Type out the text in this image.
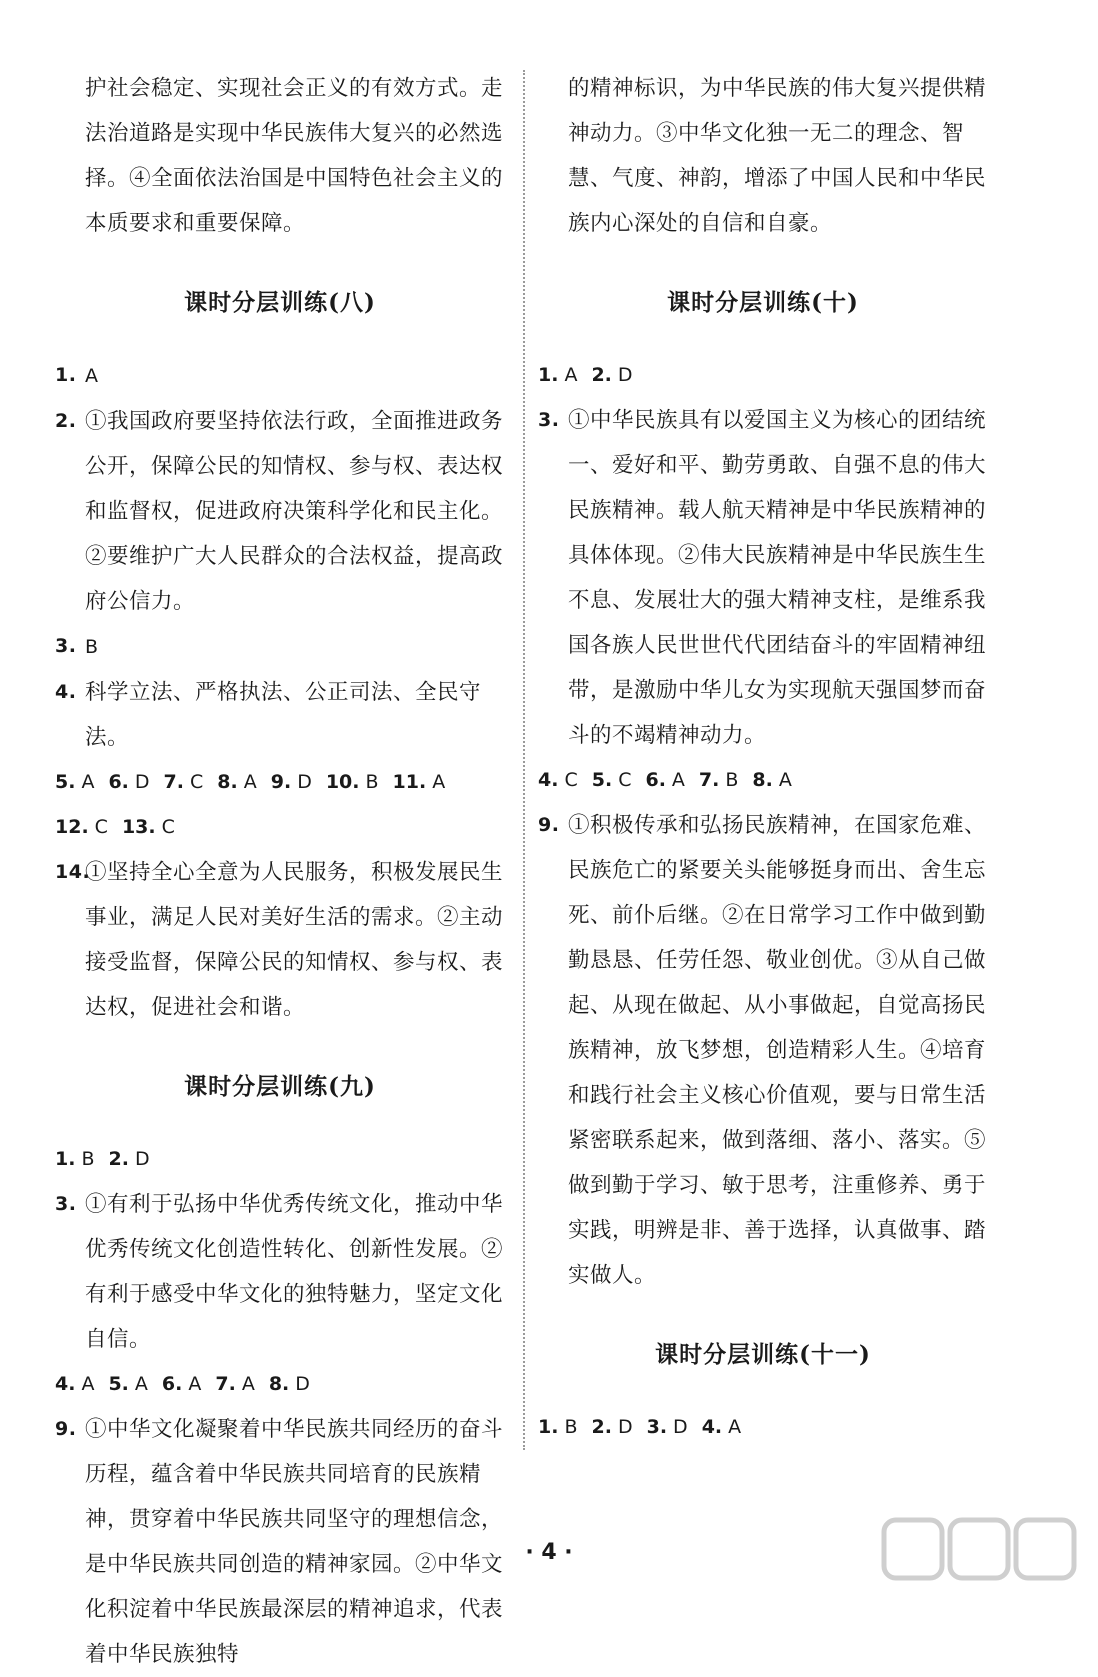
护社会稳定、实现社会正义的有效方式。走法治道路是实现中华民族伟大复兴的必然选择。④全面依法治国是中国特色社会主义的本质要求和重要保障。
课时分层训练(八)
1. A
2. ①我国政府要坚持依法行政，全面推进政务公开，保障公民的知情权、参与权、表达权和监督权，促进政府决策科学化和民主化。②要维护广大人民群众的合法权益，提高政府公信力。
3. B
4. 科学立法、严格执法、公正司法、全民守法。
5. A 6. D 7. C 8. A 9. D 10. B 11. A
12. C 13. C
14.
①坚持全心全意为人民服务，积极发展民生事业，满足人民对美好生活的需求。②主动接受监督，保障公民的知情权、参与权、表达权，促进社会和谐。
课时分层训练(九)
1. B 2. D
3. ①有利于弘扬中华优秀传统文化，推动中华优秀传统文化创造性转化、创新性发展。②有利于感受中华文化的独特魅力，坚定文化自信。
4. A 5. A 6. A 7. A 8. D
9. ①中华文化凝聚着中华民族共同经历的奋斗历程，蕴含着中华民族共同培育的民族精神，贯穿着中华民族共同坚守的理想信念，是中华民族共同创造的精神家园。②中华文化积淀着中华民族最深层的精神追求，代表着中华民族独特
的精神标识，为中华民族的伟大复兴提供精神动力。③中华文化独一无二的理念、智慧、气度、神韵，增添了中国人民和中华民族内心深处的自信和自豪。
课时分层训练(十)
1. A 2. D
3. ①中华民族具有以爱国主义为核心的团结统一、爱好和平、勤劳勇敢、自强不息的伟大民族精神。载人航天精神是中华民族精神的具体体现。②伟大民族精神是中华民族生生不息、发展壮大的强大精神支柱，是维系我国各族人民世世代代团结奋斗的牢固精神纽带，是激励中华儿女为实现航天强国梦而奋斗的不竭精神动力。
4. C 5. C 6. A 7. B 8. A
9. ①积极传承和弘扬民族精神，在国家危难、民族危亡的紧要关头能够挺身而出、舍生忘死、前仆后继。②在日常学习工作中做到勤勤恳恳、任劳任怨、敬业创优。③从自己做起、从现在做起、从小事做起，自觉高扬民族精神，放飞梦想，创造精彩人生。④培育和践行社会主义核心价值观，要与日常生活紧密联系起来，做到落细、落小、落实。⑤做到勤于学习、敏于思考，注重修养、勇于实践，明辨是非、善于选择，认真做事、踏实做人。
课时分层训练(十一)
1. B 2. D 3. D 4. A
· 4 ·
